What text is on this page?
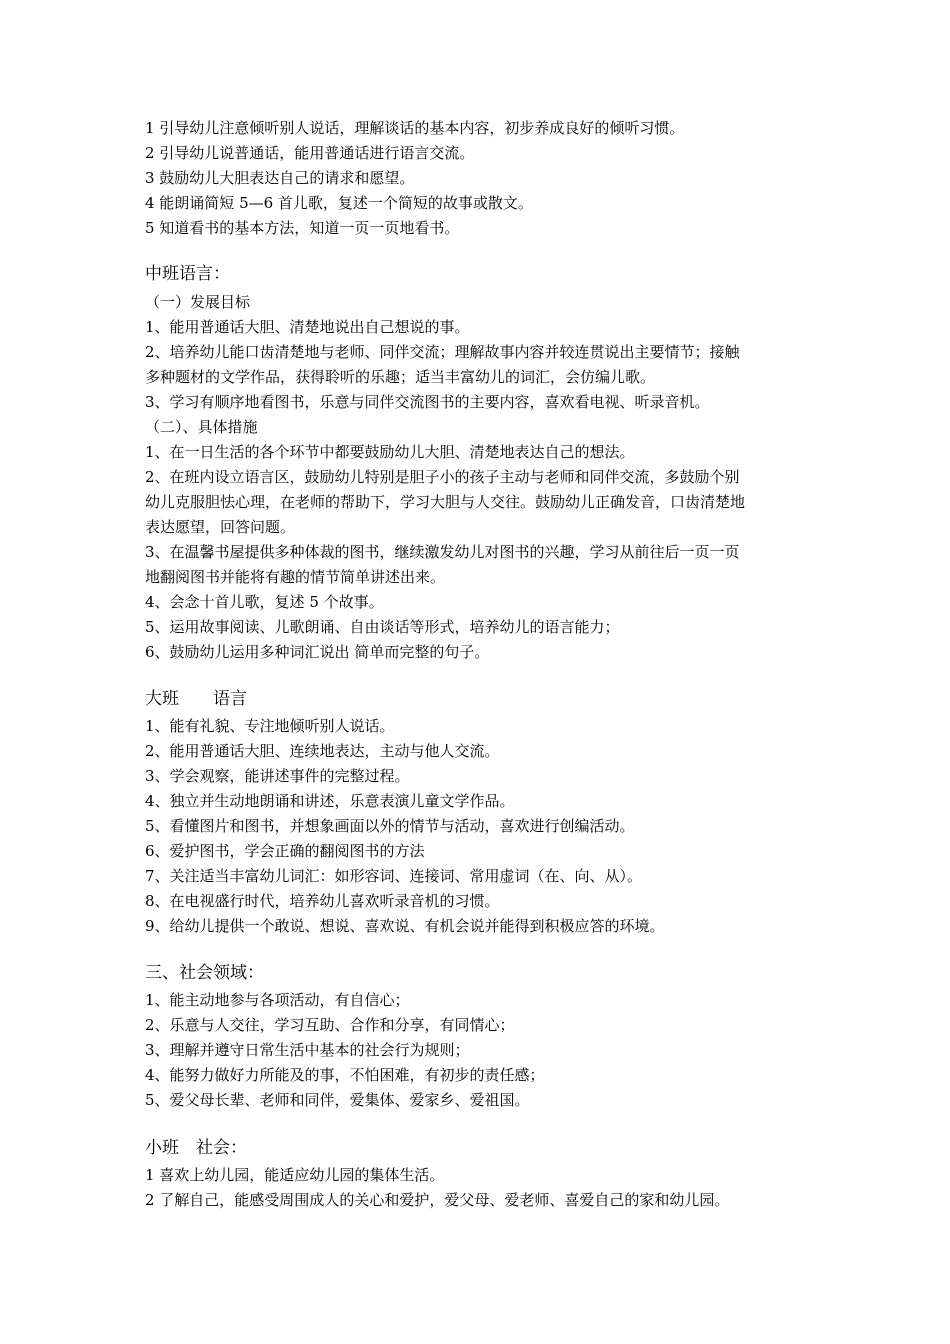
1 引导幼儿注意倾听别人说话，理解谈话的基本内容，初步养成良好的倾听习惯。
2 引导幼儿说普通话，能用普通话进行语言交流。
3 鼓励幼儿大胆表达自己的请求和愿望。
4 能朗诵简短 5—6 首儿歌，复述一个简短的故事或散文。
5 知道看书的基本方法，知道一页一页地看书。
中班语言：
（一）发展目标
1、能用普通话大胆、清楚地说出自己想说的事。
2、培养幼儿能口齿清楚地与老师、同伴交流；理解故事内容并较连贯说出主要情节；接触
多种题材的文学作品，获得聆听的乐趣；适当丰富幼儿的词汇，会仿编儿歌。
3、学习有顺序地看图书，乐意与同伴交流图书的主要内容，喜欢看电视、听录音机。
（二）、具体措施
1、在一日生活的各个环节中都要鼓励幼儿大胆、清楚地表达自己的想法。
2、在班内设立语言区，鼓励幼儿特别是胆子小的孩子主动与老师和同伴交流，多鼓励个别
幼儿克服胆怯心理，在老师的帮助下，学习大胆与人交往。鼓励幼儿正确发音，口齿清楚地
表达愿望，回答问题。
3、在温馨书屋提供多种体裁的图书，继续激发幼儿对图书的兴趣，学习从前往后一页一页
地翻阅图书并能将有趣的情节简单讲述出来。
4、会念十首儿歌，复述 5 个故事。
5、运用故事阅读、儿歌朗诵、自由谈话等形式，培养幼儿的语言能力；
6、鼓励幼儿运用多种词汇说出 简单而完整的句子。
大班　　语言
1、能有礼貌、专注地倾听别人说话。
2、能用普通话大胆、连续地表达，主动与他人交流。
3、学会观察，能讲述事件的完整过程。
4、独立并生动地朗诵和讲述，乐意表演儿童文学作品。
5、看懂图片和图书，并想象画面以外的情节与活动，喜欢进行创编活动。
6、爱护图书，学会正确的翻阅图书的方法
7、关注适当丰富幼儿词汇：如形容词、连接词、常用虚词（在、向、从）。
8、在电视盛行时代，培养幼儿喜欢听录音机的习惯。
9、给幼儿提供一个敢说、想说、喜欢说、有机会说并能得到积极应答的环境。
三、社会领域：
1、能主动地参与各项活动，有自信心；
2、乐意与人交往，学习互助、合作和分享，有同情心；
3、理解并遵守日常生活中基本的社会行为规则；
4、能努力做好力所能及的事，不怕困难，有初步的责任感；
5、爱父母长辈、老师和同伴，爱集体、爱家乡、爱祖国。
小班　社会：
1 喜欢上幼儿园，能适应幼儿园的集体生活。
2 了解自己，能感受周围成人的关心和爱护，爱父母、爱老师、喜爱自己的家和幼儿园。
